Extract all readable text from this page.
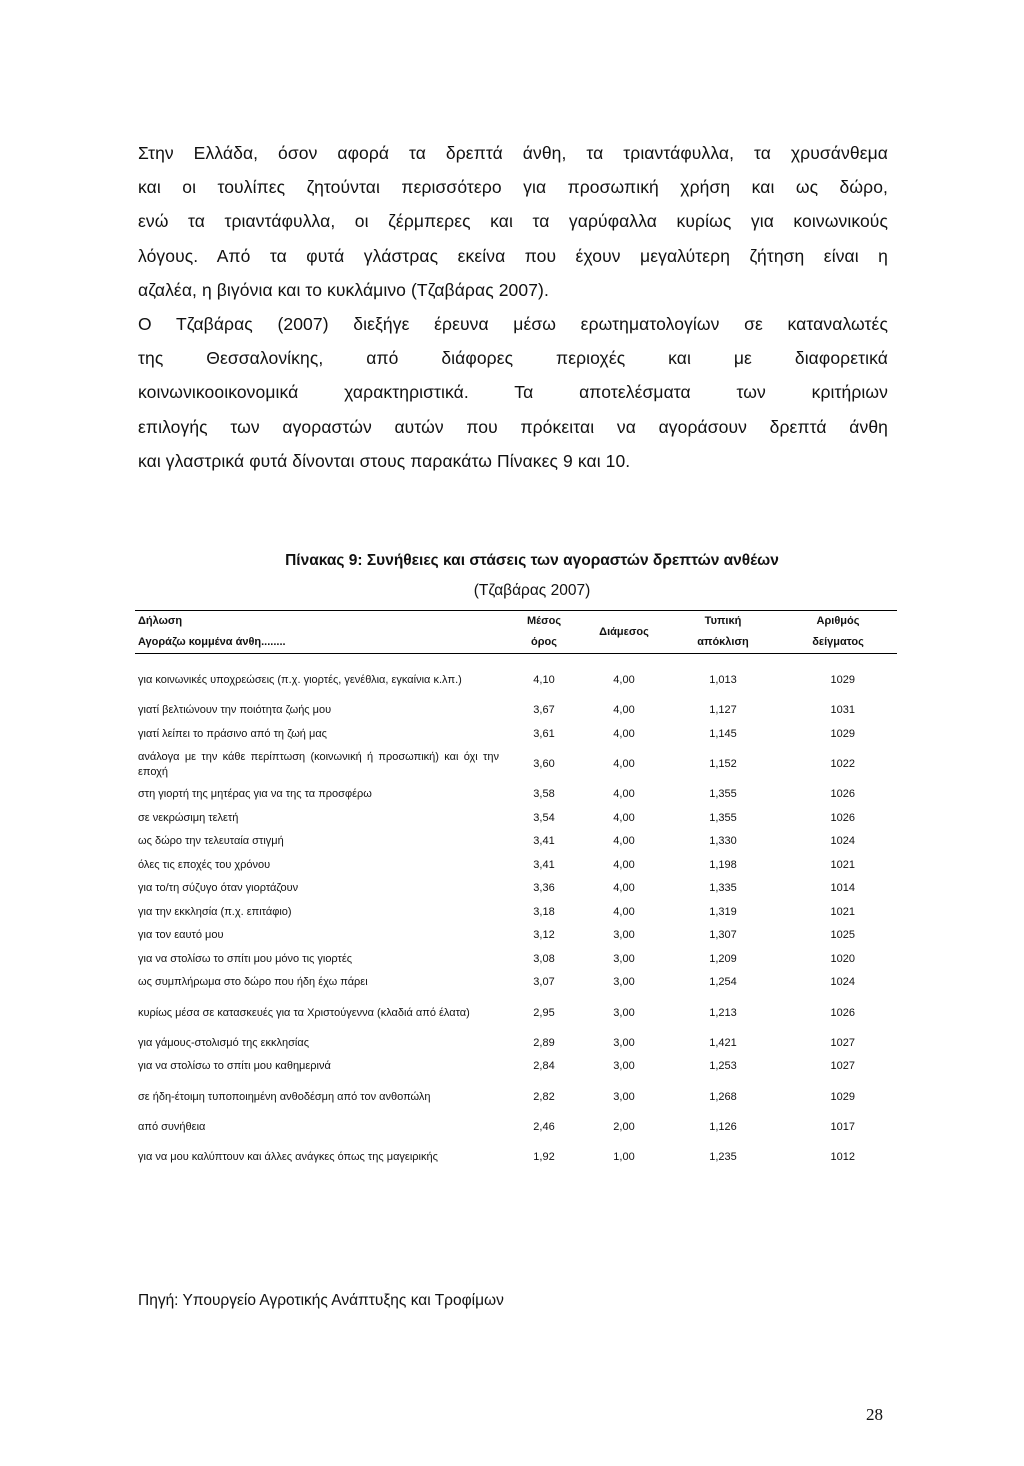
Στην Ελλάδα, όσον αφορά τα δρεπτά άνθη, τα τριαντάφυλλα, τα χρυσάνθεμα

και οι τουλίπες ζητούνται περισσότερο για προσωπική χρήση και ως δώρο,

ενώ τα τριαντάφυλλα, οι ζέρμπερες και τα γαρύφαλλα κυρίως για κοινωνικούς

λόγους. Από τα φυτά γλάστρας εκείνα που έχουν μεγαλύτερη ζήτηση είναι η

αζαλέα, η βιγόνια και το κυκλάμινο (Τζαβάρας 2007).

Ο Τζαβάρας (2007) διεξήγε έρευνα μέσω ερωτηματολογίων σε καταναλωτές

της Θεσσαλονίκης, από διάφορες περιοχές και με διαφορετικά

κοινωνικοοικονομικά χαρακτηριστικά. Τα αποτελέσματα των κριτήριων

επιλογής των αγοραστών αυτών που πρόκειται να αγοράσουν δρεπτά άνθη

και γλαστρικά φυτά δίνονται στους παρακάτω Πίνακες 9 και 10.

Πίνακας 9: Συνήθειες και στάσεις των αγοραστών δρεπτών ανθέων
(Τζαβάρας 2007)
Δήλωση	Μέσος	Διάμεσος	Τυπική	Αριθμός
Αγοράζω κομμένα άνθη........	όρος		απόκλιση	δείγματος
για κοινωνικές υποχρεώσεις (π.χ. γιορτές, γενέθλια, εγκαίνια κ.λπ.)	4,10	4,00	1,013	1029
γιατί βελτιώνουν την ποιότητα ζωής μου	3,67	4,00	1,127	1031
γιατί λείπει το πράσινο από τη ζωή μας	3,61	4,00	1,145	1029
ανάλογα με την κάθε περίπτωση (κοινωνική ή προσωπική) και όχι την εποχή	3,60	4,00	1,152	1022
στη γιορτή της μητέρας για να της τα προσφέρω	3,58	4,00	1,355	1026
σε νεκρώσιμη τελετή	3,54	4,00	1,355	1026
ως δώρο την τελευταία στιγμή	3,41	4,00	1,330	1024
όλες τις εποχές του χρόνου	3,41	4,00	1,198	1021
για το/τη σύζυγο όταν γιορτάζουν	3,36	4,00	1,335	1014
για την εκκλησία (π.χ. επιτάφιο)	3,18	4,00	1,319	1021
για τον εαυτό μου	3,12	3,00	1,307	1025
για να στολίσω το σπίτι μου μόνο τις γιορτές	3,08	3,00	1,209	1020
ως συμπλήρωμα στο δώρο που ήδη έχω πάρει	3,07	3,00	1,254	1024
κυρίως μέσα σε κατασκευές για τα Χριστούγεννα (κλαδιά από έλατα)	2,95	3,00	1,213	1026
για γάμους-στολισμό της εκκλησίας	2,89	3,00	1,421	1027
για να στολίσω το σπίτι μου καθημερινά	2,84	3,00	1,253	1027
σε ήδη-έτοιμη τυποποιημένη ανθοδέσμη από τον ανθοπώλη	2,82	3,00	1,268	1029
από συνήθεια	2,46	2,00	1,126	1017
για να μου καλύπτουν και άλλες ανάγκες όπως της μαγειρικής	1,92	1,00	1,235	1012
Πηγή: Υπουργείο Αγροτικής Ανάπτυξης και Τροφίμων
28
